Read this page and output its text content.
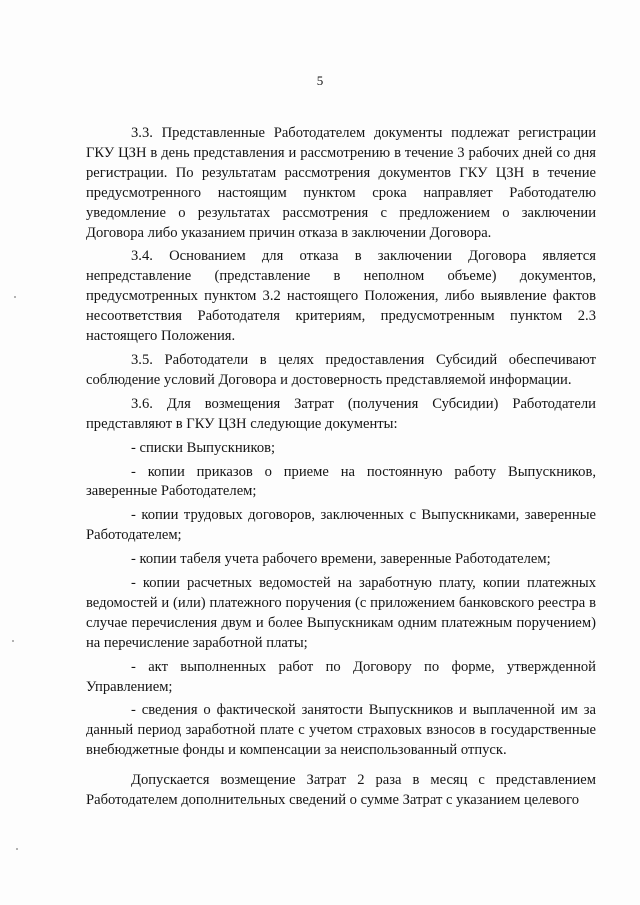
5

3.3. Представленные Работодателем документы подлежат регистрации ГКУ ЦЗН в день представления и рассмотрению в течение 3 рабочих дней со дня регистрации. По результатам рассмотрения документов ГКУ ЦЗН в течение предусмотренного настоящим пунктом срока направляет Работодателю уведомление о результатах рассмотрения с предложением о заключении Договора либо указанием причин отказа в заключении Договора.

3.4. Основанием для отказа в заключении Договора является непредставление (представление в неполном объеме) документов, предусмотренных пунктом 3.2 настоящего Положения, либо выявление фактов несоответствия Работодателя критериям, предусмотренным пунктом 2.3 настоящего Положения.

3.5. Работодатели в целях предоставления Субсидий обеспечивают соблюдение условий Договора и достоверность представляемой информации.

3.6. Для возмещения Затрат (получения Субсидии) Работодатели представляют в ГКУ ЦЗН следующие документы:

- списки Выпускников;

- копии приказов о приеме на постоянную работу Выпускников, заверенные Работодателем;

- копии трудовых договоров, заключенных с Выпускниками, заверенные Работодателем;

- копии табеля учета рабочего времени, заверенные Работодателем;

- копии расчетных ведомостей на заработную плату, копии платежных ведомостей и (или) платежного поручения (с приложением банковского реестра в случае перечисления двум и более Выпускникам одним платежным поручением) на перечисление заработной платы;

- акт выполненных работ по Договору по форме, утвержденной Управлением;

- сведения о фактической занятости Выпускников и выплаченной им за данный период заработной плате с учетом страховых взносов в государственные внебюджетные фонды и компенсации за неиспользованный отпуск.

Допускается возмещение Затрат 2 раза в месяц с представлением Работодателем дополнительных сведений о сумме Затрат с указанием целевого
